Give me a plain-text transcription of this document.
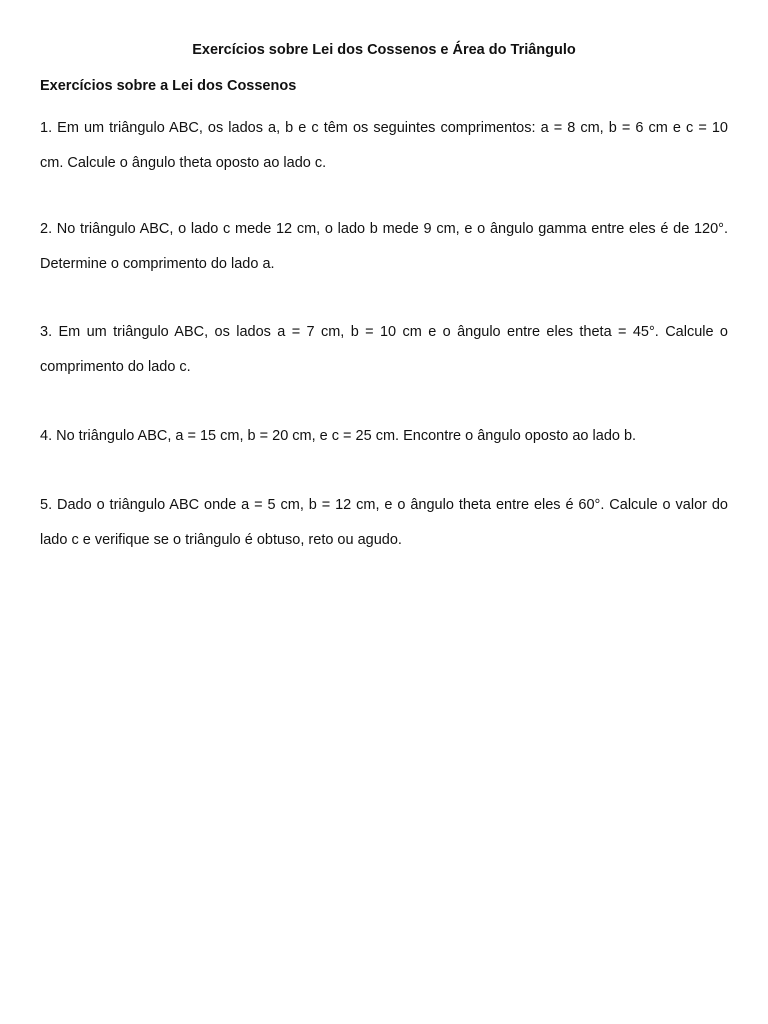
Exercícios sobre Lei dos Cossenos e Área do Triângulo
Exercícios sobre a Lei dos Cossenos

1. Em um triângulo ABC, os lados a, b e c têm os seguintes comprimentos: a = 8 cm, b = 6 cm e c = 10 cm. Calcule o ângulo theta oposto ao lado c.

2. No triângulo ABC, o lado c mede 12 cm, o lado b mede 9 cm, e o ângulo gamma entre eles é de 120°. Determine o comprimento do lado a.

3. Em um triângulo ABC, os lados a = 7 cm, b = 10 cm e o ângulo entre eles theta = 45°. Calcule o comprimento do lado c.

4. No triângulo ABC, a = 15 cm, b = 20 cm, e c = 25 cm. Encontre o ângulo oposto ao lado b.

5. Dado o triângulo ABC onde a = 5 cm, b = 12 cm, e o ângulo theta entre eles é 60°. Calcule o valor do lado c e verifique se o triângulo é obtuso, reto ou agudo.
